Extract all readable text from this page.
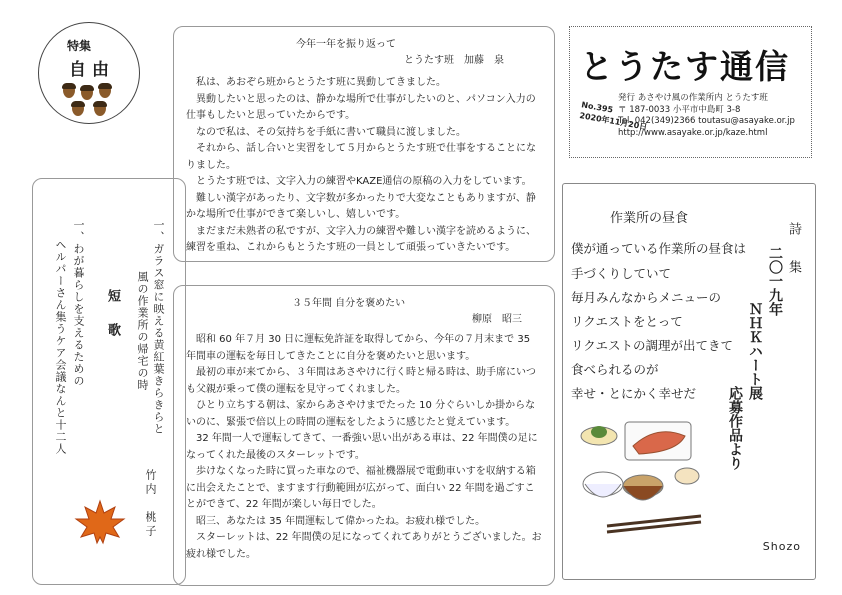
特集
自由
一、ガラス窓に映える黄紅葉きらきらと
風の作業所の帰宅の時
一、わが暮らしを支えるための
ヘルパーさん集うケア会議なんと十二人	短　歌
竹内　桃子
今年一年を振り返って
とうたす班　加藤　泉

私は、あおぞら班からとうたす班に異動してきました。

異動したいと思ったのは、静かな場所で仕事がしたいのと、パソコン入力の仕事もしたいと思っていたからです。

なので私は、その気持ちを手紙に書いて職員に渡しました。

それから、話し合いと実習をして５月からとうたす班で仕事をすることになりました。

とうたす班では、文字入力の練習やKAZE通信の原稿の入力をしています。

難しい漢字があったり、文字数が多かったりで大変なこともありますが、静かな場所で仕事ができて楽しいし、嬉しいです。

まだまだ未熟者の私ですが、文字入力の練習や難しい漢字を読めるように、練習を重ね、これからもとうたす班の一員として頑張っていきたいです。

３５年間 自分を褒めたい
柳原　昭三

昭和 60 年７月 30 日に運転免許証を取得してから、今年の７月末まで 35 年間車の運転を毎日してきたことに自分を褒めたいと思います。

最初の車が来てから、３年間はあさやけに行く時と帰る時は、助手席にいつも父親が乗って僕の運転を見守ってくれました。

ひとり立ちする朝は、家からあさやけまでたった 10 分ぐらいしか掛からないのに、緊張で倍以上の時間の運転をしたように感じたと覚えています。

32 年間一人で運転してきて、一番強い思い出がある車は、22 年間僕の足になってくれた最後のスターレットです。

歩けなくなった時に買った車なので、福祉機器展で電動車いすを収納する箱に出会えたことで、ますます行動範囲が広がって、面白い 22 年間を過ごすことができて、22 年間が楽しい毎日でした。

昭三、あなたは 35 年間運転して偉かったね。お疲れ様でした。

スターレットは、22 年間僕の足になってくれてありがとうございました。お疲れ様でした。

とうたす通信
発行 あさやけ風の作業所内 とうたす班
〒 187-0033 小平市中島町 3-8
Tel. 042(349)2366 toutasu@asayake.or.jp
http://www.asayake.or.jp/kaze.html
No.395
2020年11月20日
作業所の昼食
詩　集
二〇一九年
ＮＨＫハート展
応募作品より
僕が通っている作業所の昼食は
手づくりしていて
毎月みんなからメニューの
リクエストをとって
リクエストの調理が出てきて
食べられるのが
幸せ・とにかく幸せだ
Shozo
